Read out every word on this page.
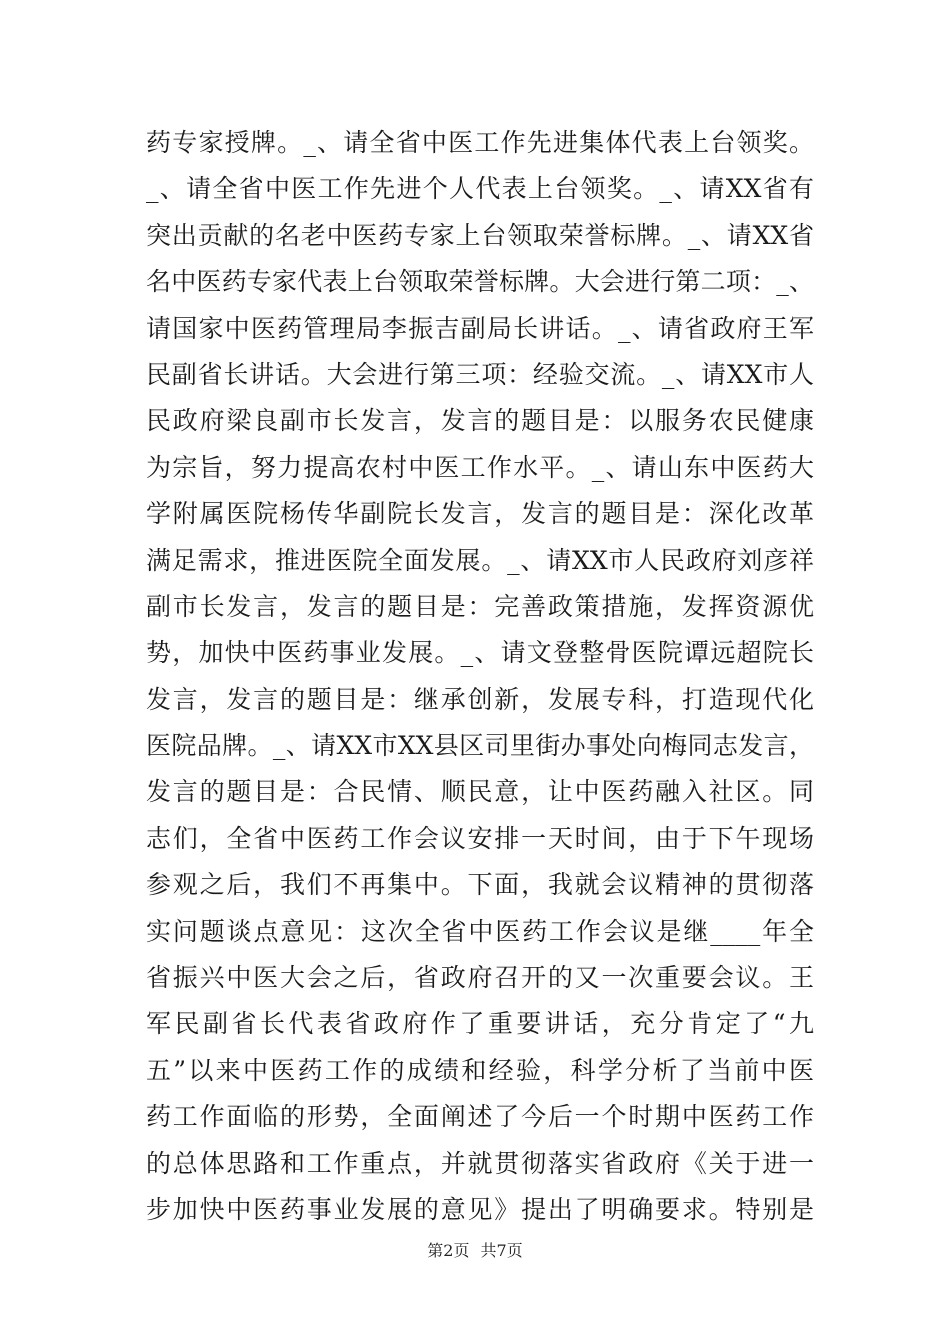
药专家授牌。_、请全省中医工作先进集体代表上台领奖。
_、请全省中医工作先进个人代表上台领奖。_、请XX省有
突出贡献的名老中医药专家上台领取荣誉标牌。_、请XX省
名中医药专家代表上台领取荣誉标牌。大会进行第二项：_、
请国家中医药管理局李振吉副局长讲话。_、请省政府王军
民副省长讲话。大会进行第三项：经验交流。_、请XX市人
民政府梁良副市长发言，发言的题目是：以服务农民健康
为宗旨，努力提高农村中医工作水平。_、请山东中医药大
学附属医院杨传华副院长发言，发言的题目是：深化改革
满足需求，推进医院全面发展。_、请XX市人民政府刘彦祥
副市长发言，发言的题目是：完善政策措施，发挥资源优
势，加快中医药事业发展。_、请文登整骨医院谭远超院长
发言，发言的题目是：继承创新，发展专科，打造现代化
医院品牌。_、请XX市XX县区司里街办事处向梅同志发言，
发言的题目是：合民情、顺民意，让中医药融入社区。同
志们，全省中医药工作会议安排一天时间，由于下午现场
参观之后，我们不再集中。下面，我就会议精神的贯彻落
实问题谈点意见：这次全省中医药工作会议是继____年全
省振兴中医大会之后，省政府召开的又一次重要会议。王
军民副省长代表省政府作了重要讲话，充分肯定了“九
五”以来中医药工作的成绩和经验，科学分析了当前中医
药工作面临的形势，全面阐述了今后一个时期中医药工作
的总体思路和工作重点，并就贯彻落实省政府《关于进一
步加快中医药事业发展的意见》提出了明确要求。特别是
第2页 共7页
